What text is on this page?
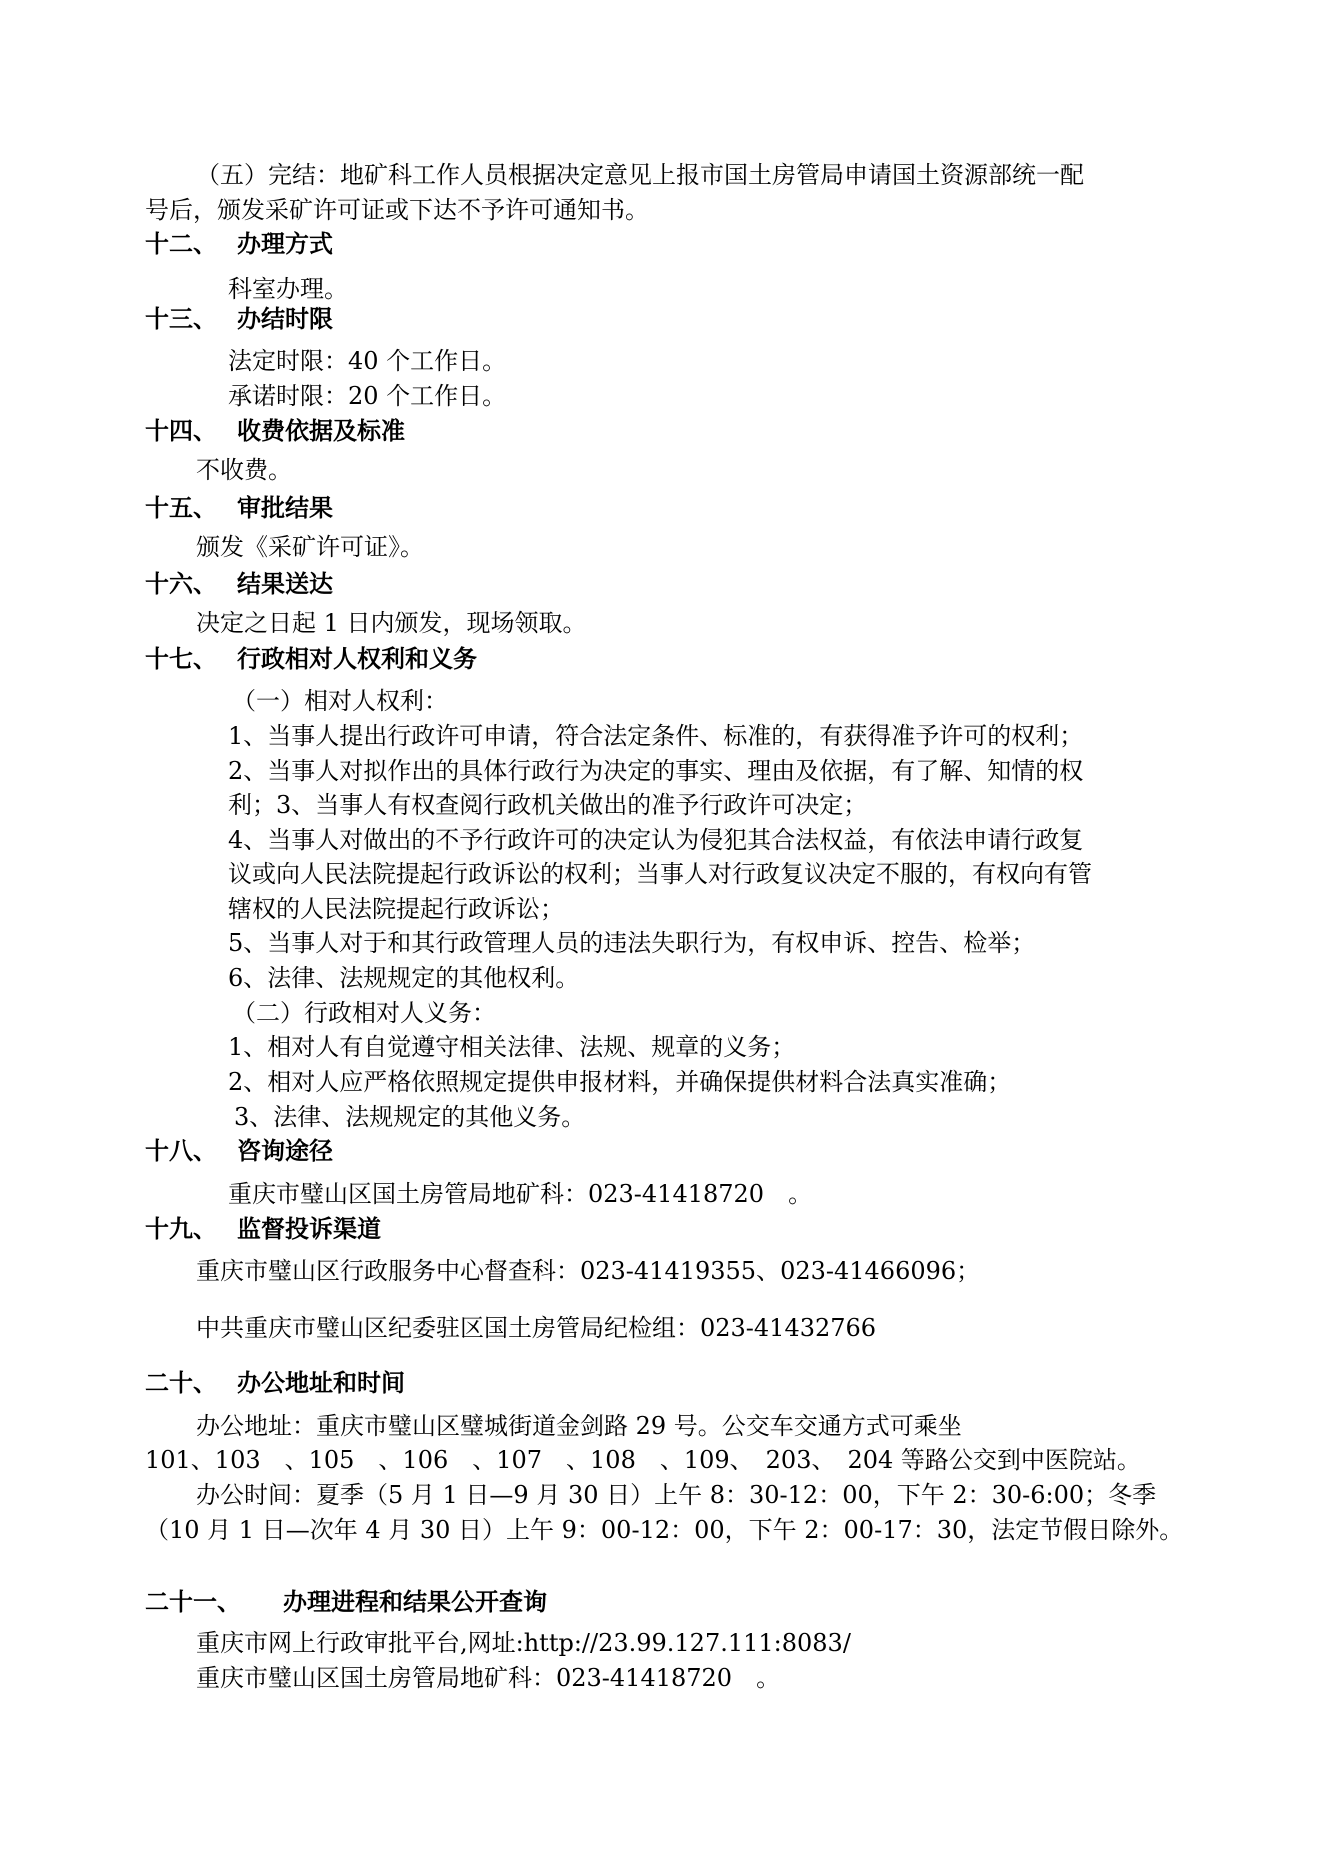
（五）完结：地矿科工作人员根据决定意见上报市国土房管局申请国土资源部统一配

号后，颁发采矿许可证或下达不予许可通知书。

十二、 办理方式

科室办理。

十三、 办结时限

法定时限：40 个工作日。

承诺时限：20 个工作日。

十四、 收费依据及标准

不收费。

十五、 审批结果

颁发《采矿许可证》。

十六、 结果送达

决定之日起 1 日内颁发，现场领取。

十七、 行政相对人权利和义务

（一）相对人权利：

1、当事人提出行政许可申请，符合法定条件、标准的，有获得准予许可的权利；

2、当事人对拟作出的具体行政行为决定的事实、理由及依据，有了解、知情的权

利；3、当事人有权查阅行政机关做出的准予行政许可决定；

4、当事人对做出的不予行政许可的决定认为侵犯其合法权益，有依法申请行政复

议或向人民法院提起行政诉讼的权利；当事人对行政复议决定不服的，有权向有管

辖权的人民法院提起行政诉讼；

5、当事人对于和其行政管理人员的违法失职行为，有权申诉、控告、检举；

6、法律、法规规定的其他权利。

（二）行政相对人义务：

1、相对人有自觉遵守相关法律、法规、规章的义务；

2、相对人应严格依照规定提供申报材料，并确保提供材料合法真实准确；

3、法律、法规规定的其他义务。

十八、 咨询途径

重庆市璧山区国土房管局地矿科：023-41418720　。

十九、 监督投诉渠道

重庆市璧山区行政服务中心督查科：023-41419355、023-41466096；

中共重庆市璧山区纪委驻区国土房管局纪检组：023-41432766

二十、 办公地址和时间

办公地址：重庆市璧山区璧城街道金剑路 29 号。公交车交通方式可乘坐

101、103　、105　、106　、107　、108　、109、　203、　204 等路公交到中医院站。

办公时间：夏季（5 月 1 日—9 月 30 日）上午 8：30-12：00，下午 2：30-6:00；冬季

（10 月 1 日—次年 4 月 30 日）上午 9：00-12：00，下午 2：00-17：30，法定节假日除外。

二十一、 办理进程和结果公开查询

重庆市网上行政审批平台,网址:http://23.99.127.111:8083/

重庆市璧山区国土房管局地矿科：023-41418720　。
